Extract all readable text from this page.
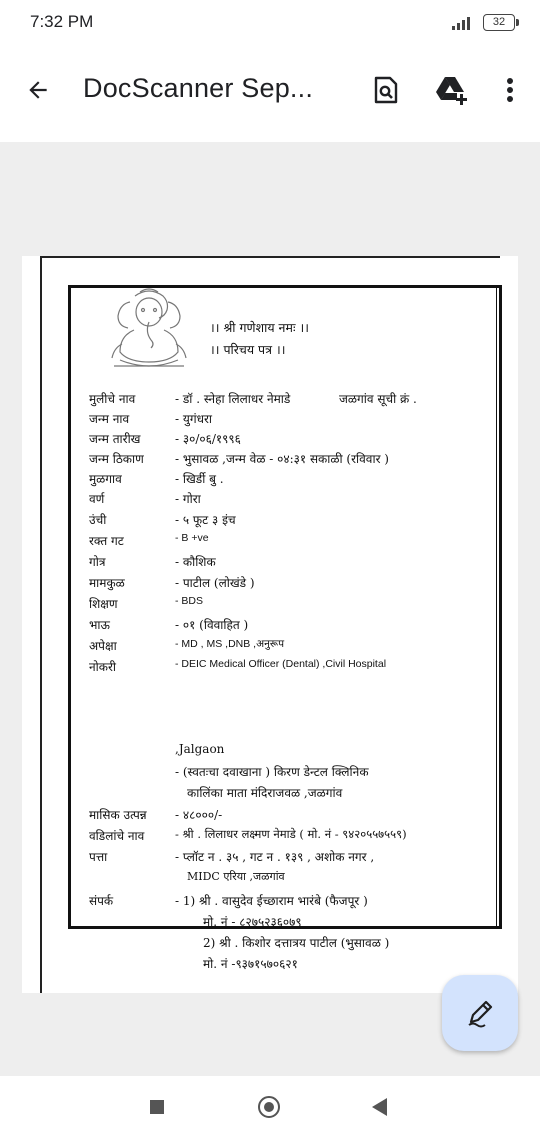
7:32 PM	32
DocScanner Sep...
।। श्री गणेशाय नमः ।।
।। परिचय पत्र ।।
जळगांव सूची क्रं .
मुलीचे नाव	- डॉ . स्नेहा लिलाधर नेमाडे
जन्म नाव	- युगंधरा
जन्म तारीख	- ३०/०६/१९९६
जन्म ठिकाण	- भुसावळ ,जन्म वेळ - ०४:३१ सकाळी (रविवार )
मुळगाव	- खिर्डी बु .
वर्ण	- गोरा
उंची	- ५ फूट ३ इंच
रक्त गट	- B +ve
गोत्र	- कौशिक
मामकुळ	- पाटील (लोखंडे )
शिक्षण	- BDS
भाऊ	- ०१ (विवाहित )
अपेक्षा	- MD , MS ,DNB ,अनुरूप
नोकरी	- DEIC Medical Officer (Dental) ,Civil Hospital
,Jalgaon
- (स्वतःचा दवाखाना ) किरण डेन्टल क्लिनिक
कालिंका माता मंदिराजवळ ,जळगांव
मासिक उत्पन्न - ४८०००/-
वडिलांचे नाव	- श्री . लिलाधर लक्ष्मण नेमाडे ( मो. नं - ९४२०५५७५५९)
पत्ता	- प्लॉट न . ३५ , गट न . १३९ , अशोक नगर ,
MIDC एरिया ,जळगांव
संपर्क	- 1) श्री . वासुदेव ईच्छाराम भारंबे (फैजपूर )
मो. नं - ८२७५२३६०७९
2) श्री . किशोर दत्तात्रय पाटील (भुसावळ )
मो. नं -९३७१५७०६२१
